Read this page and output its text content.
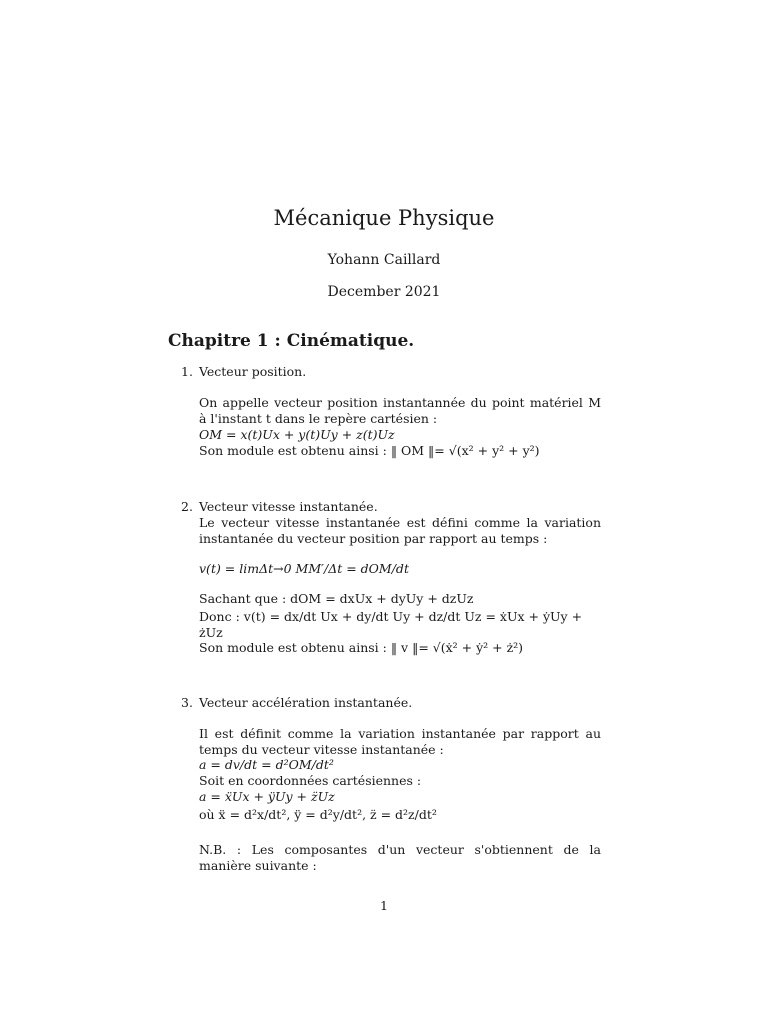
Mécanique Physique
Yohann Caillard
December 2021
Chapitre 1 : Cinématique.
1. Vecteur position.
On appelle vecteur position instantannée du point matériel M à l'instant t dans le repère cartésien :
OM = x(t)Ux + y(t)Uy + z(t)Uz
Son module est obtenu ainsi : ‖ OM ‖= √(x² + y² + y²)
2. Vecteur vitesse instantanée.
Le vecteur vitesse instantanée est défini comme la variation instantanée du vecteur position par rapport au temps :
v(t) = limΔt→0 MM′/Δt = dOM/dt
Sachant que : dOM = dxUx + dyUy + dzUz
Donc : v(t) = dx/dt Ux + dy/dt Uy + dz/dt Uz = ẋUx + ẏUy + żUz
Son module est obtenu ainsi : ‖ v ‖= √(ẋ² + ẏ² + ż²)
3. Vecteur accélération instantanée.
Il est définit comme la variation instantanée par rapport au temps du vecteur vitesse instantanée :
a = dv/dt = d²OM/dt²
Soit en coordonnées cartésiennes :
a = ẍUx + ÿUy + z̈Uz
où ẍ = d²x/dt², ÿ = d²y/dt², z̈ = d²z/dt²
N.B. : Les composantes d'un vecteur s'obtiennent de la manière suivante :
1
